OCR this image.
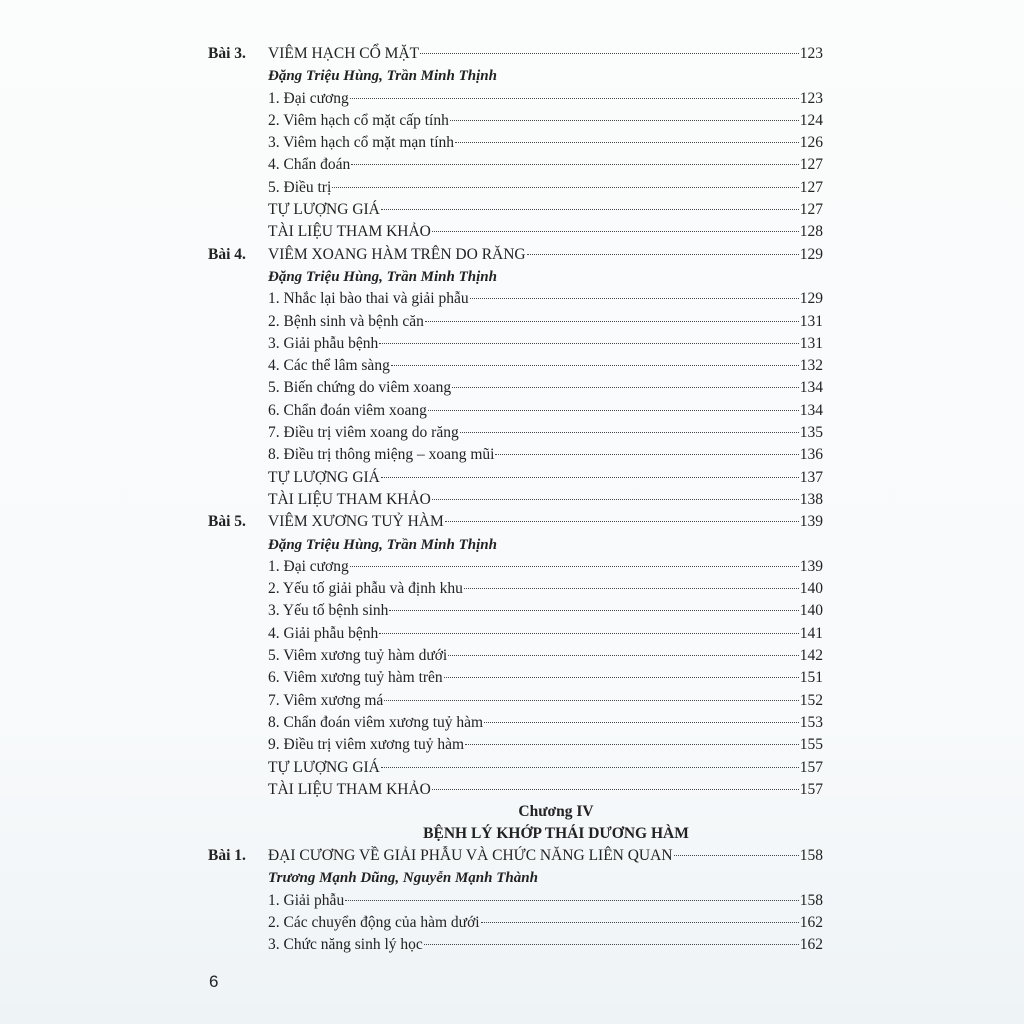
Bài 3. VIÊM HẠCH CỔ MẶT	123
Đặng Triệu Hùng, Trần Minh Thịnh
1. Đại cương	123
2. Viêm hạch cổ mặt cấp tính	124
3. Viêm hạch cổ mặt mạn tính	126
4. Chẩn đoán	127
5. Điều trị	127
TỰ LƯỢNG GIÁ	127
TÀI LIỆU THAM KHẢO	128
Bài 4. VIÊM XOANG HÀM TRÊN DO RĂNG	129
Đặng Triệu Hùng, Trần Minh Thịnh
1. Nhắc lại bào thai và giải phẫu	129
2. Bệnh sinh và bệnh căn	131
3. Giải phẫu bệnh	131
4. Các thể lâm sàng	132
5. Biến chứng do viêm xoang	134
6. Chẩn đoán viêm xoang	134
7. Điều trị viêm xoang do răng	135
8. Điều trị thông miệng – xoang mũi	136
TỰ LƯỢNG GIÁ	137
TÀI LIỆU THAM KHẢO	138
Bài 5. VIÊM XƯƠNG TUỶ HÀM	139
Đặng Triệu Hùng, Trần Minh Thịnh
1. Đại cương	139
2. Yếu tố giải phẫu và định khu	140
3. Yếu tố bệnh sinh	140
4. Giải phẫu bệnh	141
5. Viêm xương tuỷ hàm dưới	142
6. Viêm xương tuỷ hàm trên	151
7. Viêm xương má	152
8. Chẩn đoán viêm xương tuỷ hàm	153
9. Điều trị viêm xương tuỷ hàm	155
TỰ LƯỢNG GIÁ	157
TÀI LIỆU THAM KHẢO	157
Chương IV
BỆNH LÝ KHỚP THÁI DƯƠNG HÀM
Bài 1. ĐẠI CƯƠNG VỀ GIẢI PHẪU VÀ CHỨC NĂNG LIÊN QUAN	158
Trương Mạnh Dũng, Nguyễn Mạnh Thành
1. Giải phẫu	158
2. Các chuyển động của hàm dưới	162
3. Chức năng sinh lý học	162
6
